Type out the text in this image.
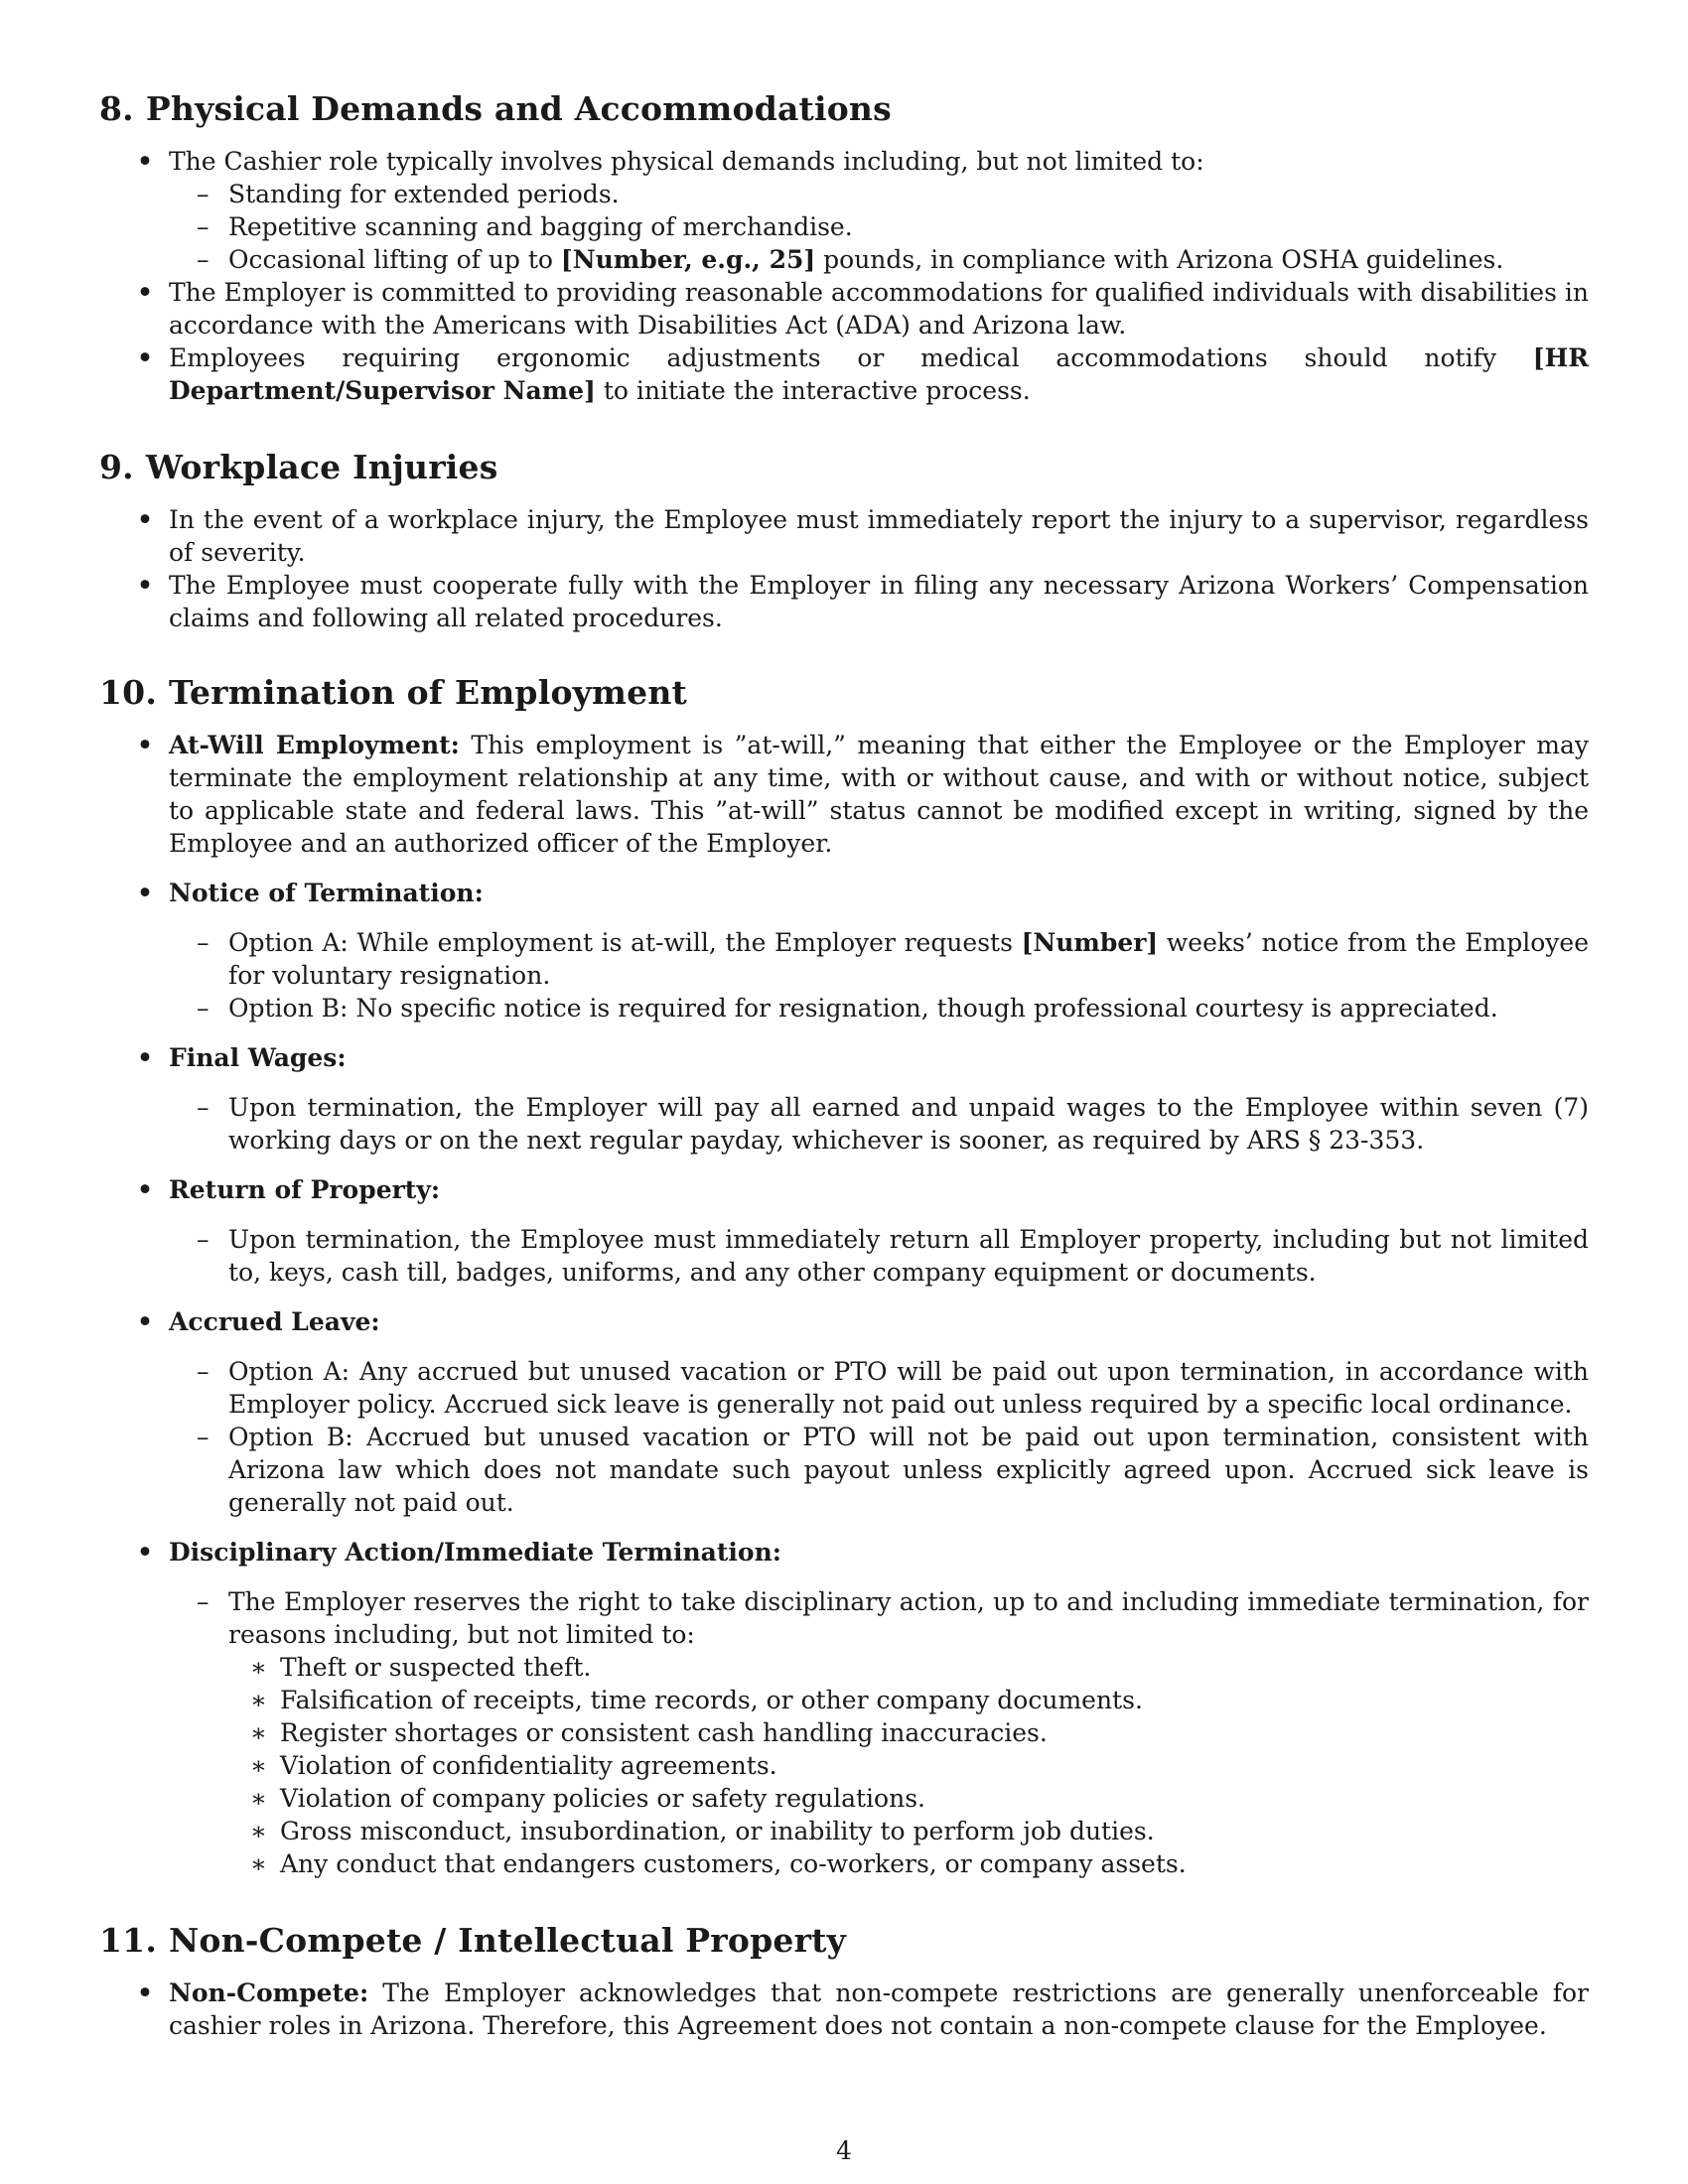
8. Physical Demands and Accommodations

• The Cashier role typically involves physical demands including, but not limited to:

– Standing for extended periods.
– Repetitive scanning and bagging of merchandise.
– Occasional lifting of up to [Number, e.g., 25] pounds, in compliance with Arizona OSHA guidelines.

• The Employer is committed to providing reasonable accommodations for qualified individuals with disabilities in accordance with the Americans with Disabilities Act (ADA) and Arizona law.

• Employees requiring ergonomic adjustments or medical accommodations should notify [HR Department/Supervisor Name] to initiate the interactive process.

9. Workplace Injuries

• In the event of a workplace injury, the Employee must immediately report the injury to a supervisor, regardless of severity.

• The Employee must cooperate fully with the Employer in filing any necessary Arizona Workers’ Compensation claims and following all related procedures.

10. Termination of Employment

• At-Will Employment: This employment is ”at-will,” meaning that either the Employee or the Employer may terminate the employment relationship at any time, with or without cause, and with or without notice, subject to applicable state and federal laws. This ”at-will” status cannot be modified except in writing, signed by the Employee and an authorized officer of the Employer.

• Notice of Termination:

– Option A: While employment is at-will, the Employer requests [Number] weeks’ notice from the Employee for voluntary resignation.
– Option B: No specific notice is required for resignation, though professional courtesy is appreciated.

• Final Wages:

– Upon termination, the Employer will pay all earned and unpaid wages to the Employee within seven (7) working days or on the next regular payday, whichever is sooner, as required by ARS § 23-353.

• Return of Property:

– Upon termination, the Employee must immediately return all Employer property, including but not limited to, keys, cash till, badges, uniforms, and any other company equipment or documents.

• Accrued Leave:

– Option A: Any accrued but unused vacation or PTO will be paid out upon termination, in accordance with Employer policy. Accrued sick leave is generally not paid out unless required by a specific local ordinance.
– Option B: Accrued but unused vacation or PTO will not be paid out upon termination, consistent with Arizona law which does not mandate such payout unless explicitly agreed upon. Accrued sick leave is generally not paid out.

• Disciplinary Action/Immediate Termination:

– The Employer reserves the right to take disciplinary action, up to and including immediate termination, for reasons including, but not limited to:
∗ Theft or suspected theft.
∗ Falsification of receipts, time records, or other company documents.
∗ Register shortages or consistent cash handling inaccuracies.
∗ Violation of confidentiality agreements.
∗ Violation of company policies or safety regulations.
∗ Gross misconduct, insubordination, or inability to perform job duties.
∗ Any conduct that endangers customers, co-workers, or company assets.
11. Non-Compete / Intellectual Property

• Non-Compete: The Employer acknowledges that non-compete restrictions are generally unenforceable for cashier roles in Arizona. Therefore, this Agreement does not contain a non-compete clause for the Employee.

4
